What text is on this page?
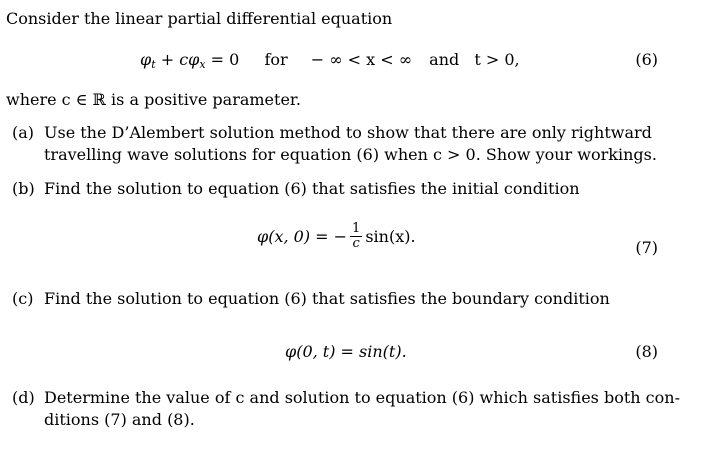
Consider the linear partial differential equation
$\varphi_t + c\varphi_x = 0$ for − ∞ < x < ∞ and t > 0,	(6)
where c ∈ ℝ is a positive parameter.
(a) Use the D’Alembert solution method to show that there are only rightward
travelling wave solutions for equation (6) when c > 0. Show your workings.
(b) Find the solution to equation (6) that satisfies the initial condition
φ(x, 0) = − $\frac{1}{c} \sin(x)$.
(7)
(c) Find the solution to equation (6) that satisfies the boundary condition
φ(0, t) = sin(t).	(8)
(d) Determine the value of c and solution to equation (6) which satisfies both con-
ditions (7) and (8).
